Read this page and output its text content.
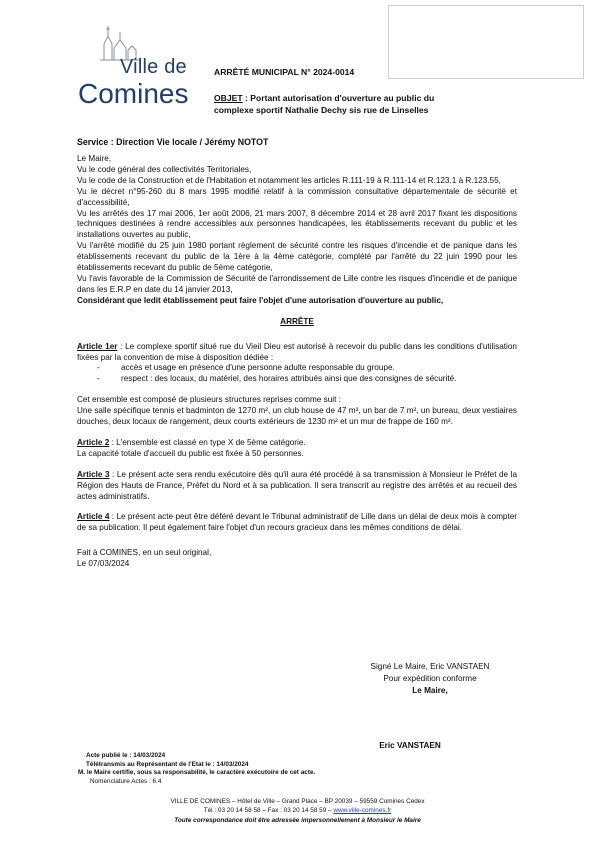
Ville de
Comines
ARRÊTÉ MUNICIPAL N° 2024-0014
OBJET : Portant autorisation d'ouverture au public du complexe sportif Nathalie Dechy sis rue de Linselles
Service : Direction Vie locale / Jérémy NOTOT

Le Maire,

Vu le code général des collectivités Territoriales,

Vu le code de la Construction et de l'Habitation et notamment les articles R.111-19 à R.111-14 et R.123.1 à R.123.55,

Vu le décret n°95-260 du 8 mars 1995 modifié relatif à la commission consultative départementale de sécurité et d'accessibilité,

Vu les arrêtés des 17 mai 2006, 1er août 2006, 21 mars 2007, 8 décembre 2014 et 28 avril 2017 fixant les dispositions techniques destinées à rendre accessibles aux personnes handicapées, les établissements recevant du public et les installations ouvertes au public,

Vu l'arrêté modifié du 25 juin 1980 portant règlement de sécurité contre les risques d'incendie et de panique dans les établissements recevant du public de la 1ère à la 4ème catégorie, complété par l'arrêté du 22 juin 1990 pour les établissements recevant du public de 5ème catégorie,

Vu l'avis favorable de la Commission de Sécurité de l'arrondissement de Lille contre les risques d'incendie et de panique dans les E.R.P en date du 14 janvier 2013,

Considérant que ledit établissement peut faire l'objet d'une autorisation d'ouverture au public,

ARRÊTE

Article 1er : Le complexe sportif situé rue du Vieil Dieu est autorisé à recevoir du public dans les conditions d'utilisation fixées par la convention de mise à disposition dédiée :

- accès et usage en présence d'une personne adulte responsable du groupe.

- respect : des locaux, du matériel, des horaires attribués ainsi que des consignes de sécurité.

Cet ensemble est composé de plusieurs structures reprises comme suit :

Une salle spécifique tennis et badminton de 1270 m², un club house de 47 m², un bar de 7 m², un bureau, deux vestiaires douches, deux locaux de rangement, deux courts extérieurs de 1230 m² et un mur de frappe de 160 m².

Article 2 : L'ensemble est classé en type X de 5ème catégorie.

La capacité totale d'accueil du public est fixée à 50 personnes.

Article 3 : Le présent acte sera rendu exécutoire dès qu'il aura été procédé à sa transmission à Monsieur le Préfet de la Région des Hauts de France, Préfet du Nord et à sa publication. Il sera transcrit au registre des arrêtés et au recueil des actes administratifs.

Article 4 : Le présent acte peut être déféré devant le Tribunal administratif de Lille dans un délai de deux mois à compter de sa publication. Il peut également faire l'objet d'un recours gracieux dans les mêmes conditions de délai.

Fait à COMINES, en un seul original,

Le 07/03/2024

Signé Le Maire, Eric VANSTAEN
Pour expédition conforme
Le Maire,
Eric VANSTAEN
Acte publié le : 14/03/2024
Télétransmis au Représentant de l'Etat le : 14/03/2024
M. le Maire certifie, sous sa responsabilité, le caractère exécutoire de cet acte.
Nomenclature Actes : 6.4
VILLE DE COMINES – Hôtel de Ville – Grand Place – BP 20039 – 59559 Comines Cedex
Tél : 03 20 14 58 58 – Fax : 03 20 14 58 59 – www.ville-comines.fr
Toute correspondance doit être adressée impersonnellement à Monsieur le Maire
